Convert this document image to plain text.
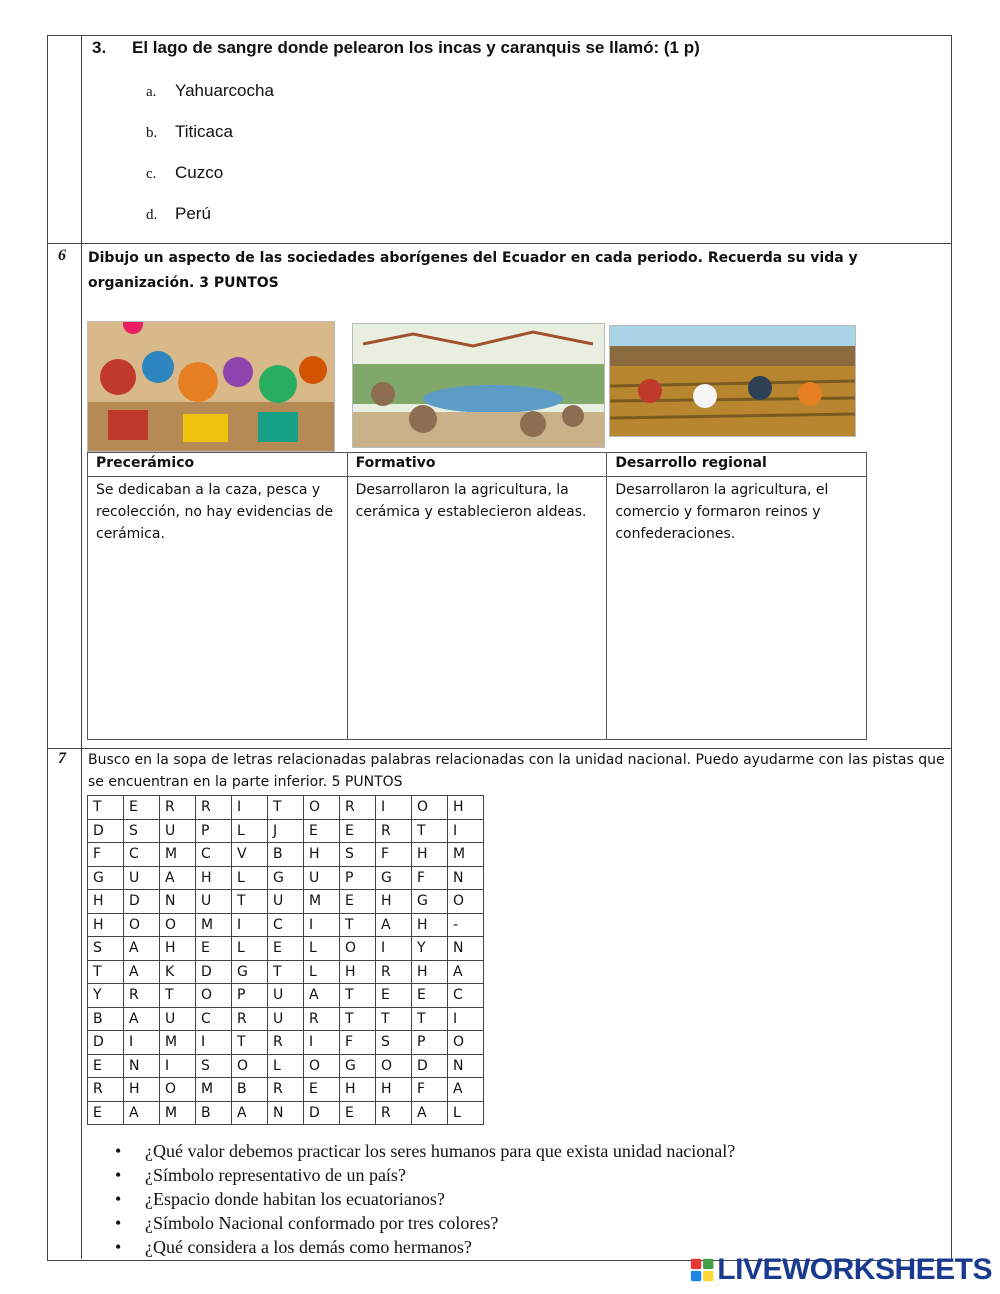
3. El lago de sangre donde pelearon los incas y caranquis se llamó: (1 p)
a. Yahuarcocha
b. Titicaca
c. Cuzco
d. Perú
6 Dibujo un aspecto de las sociedades aborígenes del Ecuador en cada periodo. Recuerda su vida y organización. 3 PUNTOS
Precerámico	Formativo	Desarrollo regional
Se dedicaban a la caza, pesca y recolección, no hay evidencias de cerámica.	Desarrollaron la agricultura, la cerámica y establecieron aldeas.	Desarrollaron la agricultura, el comercio y formaron reinos y confederaciones.
7 Busco en la sopa de letras relacionadas palabras relacionadas con la unidad nacional. Puedo ayudarme con las pistas que se encuentran en la parte inferior. 5 PUNTOS
T	E	R	R	I	T	O	R	I	O	H
D	S	U	P	L	J	E	E	R	T	I
F	C	M	C	V	B	H	S	F	H	M
G	U	A	H	L	G	U	P	G	F	N
H	D	N	U	T	U	M	E	H	G	O
H	O	O	M	I	C	I	T	A	H	-
S	A	H	E	L	E	L	O	I	Y	N
T	A	K	D	G	T	L	H	R	H	A
Y	R	T	O	P	U	A	T	E	E	C
B	A	U	C	R	U	R	T	T	T	I
D	I	M	I	T	R	I	F	S	P	O
E	N	I	S	O	L	O	G	O	D	N
R	H	O	M	B	R	E	H	H	F	A
E	A	M	B	A	N	D	E	R	A	L
• ¿Qué valor debemos practicar los seres humanos para que exista unidad nacional?
• ¿Símbolo representativo de un país?
• ¿Espacio donde habitan los ecuatorianos?
• ¿Símbolo Nacional conformado por tres colores?
• ¿Qué considera a los demás como hermanos?
LIVEWORKSHEETS
